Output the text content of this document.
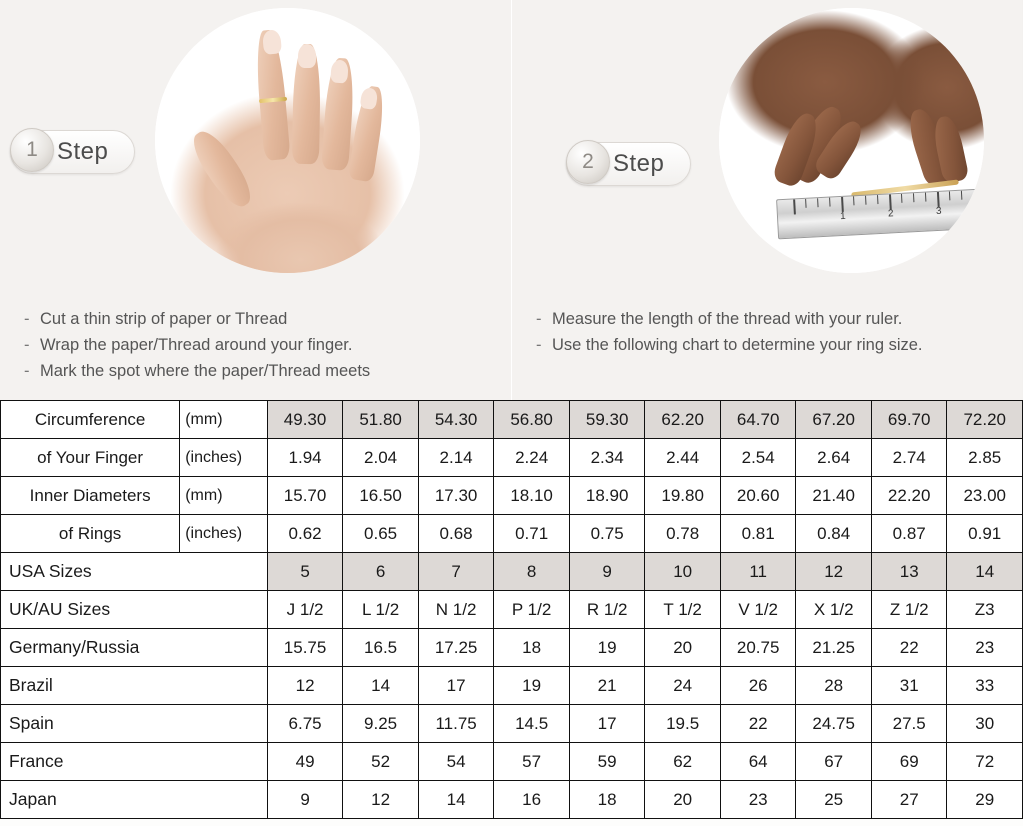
Step
1
- Cut a thin strip of paper or Thread
- Wrap the paper/Thread around your finger.
- Mark the spot where the paper/Thread meets
1	2	3
Step
2
- Measure the length of the thread with your ruler.
- Use the following chart to determine your ring size.
Circumference	(mm)	49.30	51.80	54.30	56.80	59.30	62.20	64.70	67.20	69.70	72.20
of Your Finger	(inches)	1.94	2.04	2.14	2.24	2.34	2.44	2.54	2.64	2.74	2.85
Inner Diameters	(mm)	15.70	16.50	17.30	18.10	18.90	19.80	20.60	21.40	22.20	23.00
of Rings	(inches)	0.62	0.65	0.68	0.71	0.75	0.78	0.81	0.84	0.87	0.91
USA Sizes		5	6	7	8	9	10	11	12	13	14
UK/AU Sizes		J 1/2	L 1/2	N 1/2	P 1/2	R 1/2	T 1/2	V 1/2	X 1/2	Z 1/2	Z3
Germany/Russia		15.75	16.5	17.25	18	19	20	20.75	21.25	22	23
Brazil		12	14	17	19	21	24	26	28	31	33
Spain		6.75	9.25	11.75	14.5	17	19.5	22	24.75	27.5	30
France		49	52	54	57	59	62	64	67	69	72
Japan		9	12	14	16	18	20	23	25	27	29
